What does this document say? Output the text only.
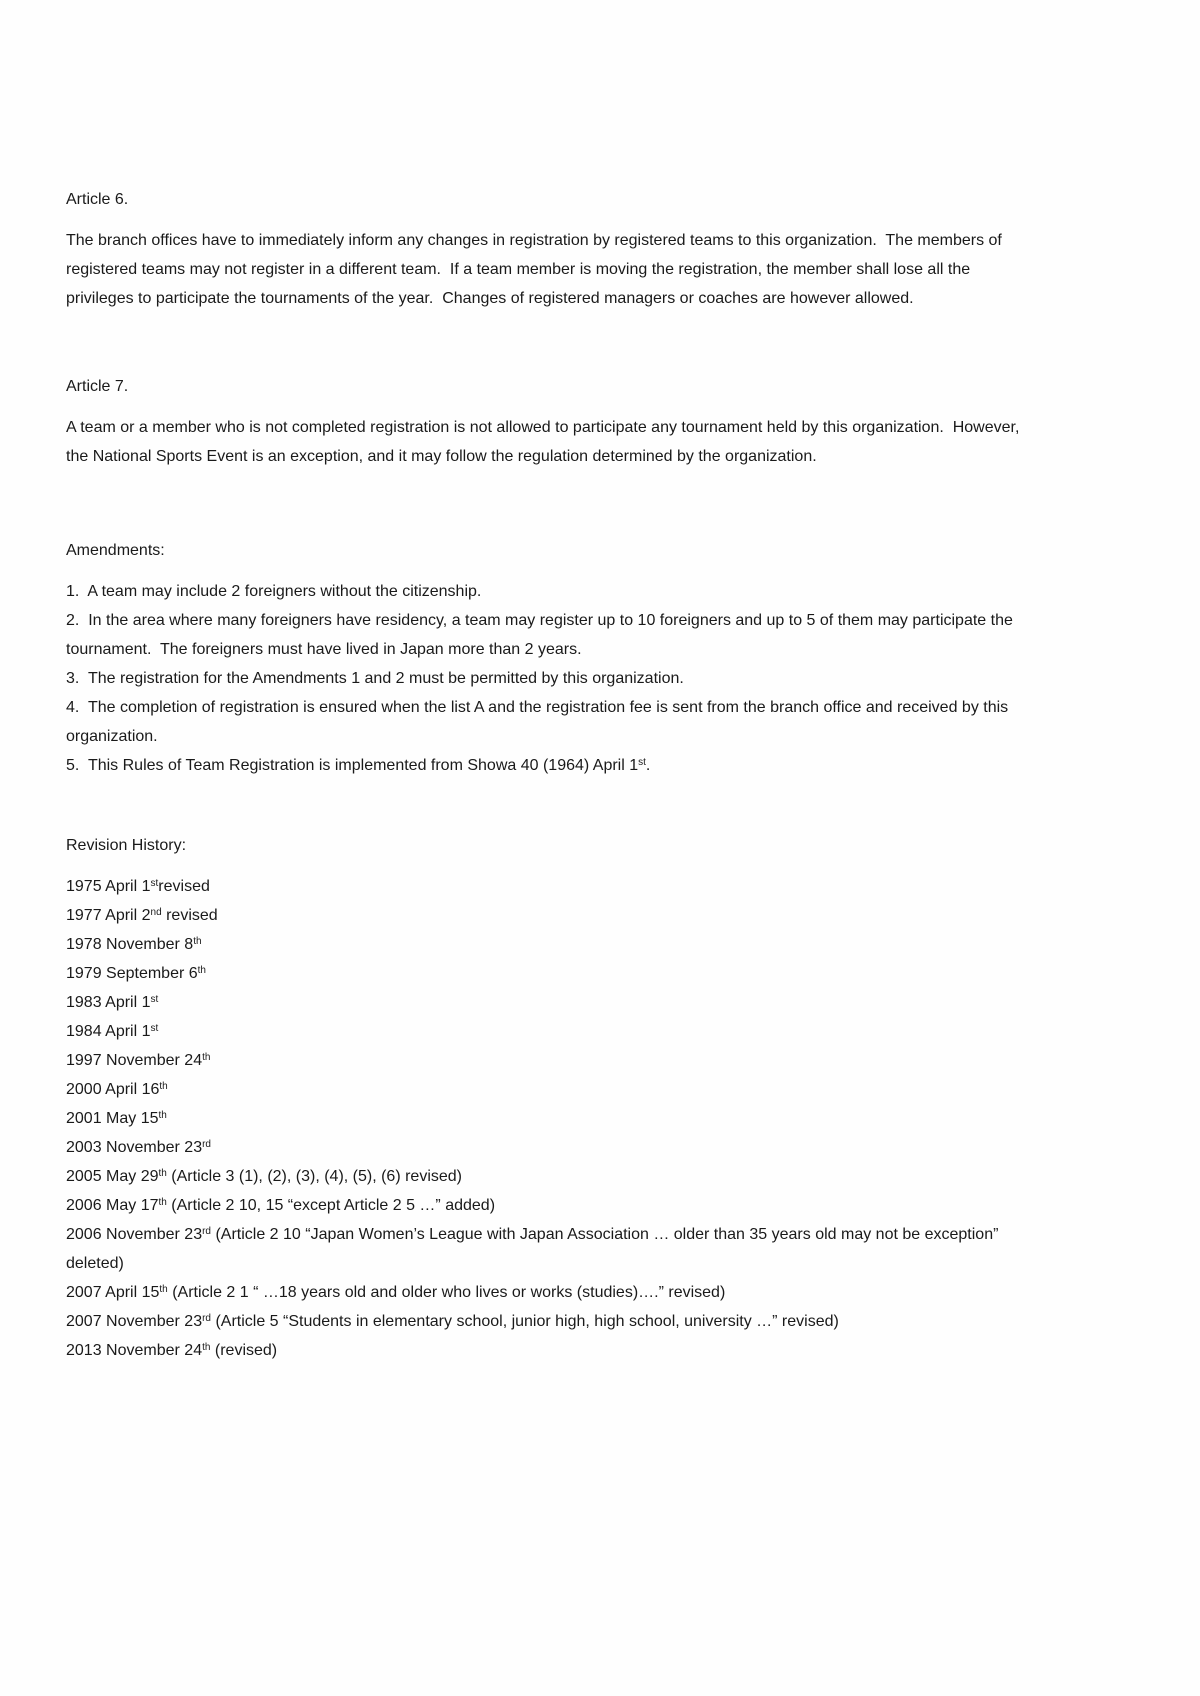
Article 6.

The branch offices have to immediately inform any changes in registration by registered teams to this organization.  The members of registered teams may not register in a different team.  If a team member is moving the registration, the member shall lose all the privileges to participate the tournaments of the year.  Changes of registered managers or coaches are however allowed.

Article 7.

A team or a member who is not completed registration is not allowed to participate any tournament held by this organization.  However, the National Sports Event is an exception, and it may follow the regulation determined by the organization.

Amendments:

1.  A team may include 2 foreigners without the citizenship.

2.  In the area where many foreigners have residency, a team may register up to 10 foreigners and up to 5 of them may participate the tournament.  The foreigners must have lived in Japan more than 2 years.

3.  The registration for the Amendments 1 and 2 must be permitted by this organization.

4.  The completion of registration is ensured when the list A and the registration fee is sent from the branch office and received by this organization.

5.  This Rules of Team Registration is implemented from Showa 40 (1964) April 1st.

Revision History:

1975 April 1strevised

1977 April 2nd revised

1978 November 8th

1979 September 6th

1983 April 1st

1984 April 1st

1997 November 24th

2000 April 16th

2001 May 15th

2003 November 23rd

2005 May 29th (Article 3 (1), (2), (3), (4), (5), (6) revised)

2006 May 17th (Article 2 10, 15 “except Article 2 5 …” added)

2006 November 23rd (Article 2 10 “Japan Women’s League with Japan Association … older than 35 years old may not be exception” deleted)

2007 April 15th (Article 2 1 “ …18 years old and older who lives or works (studies)….” revised)

2007 November 23rd (Article 5 “Students in elementary school, junior high, high school, university …” revised)

2013 November 24th (revised)
